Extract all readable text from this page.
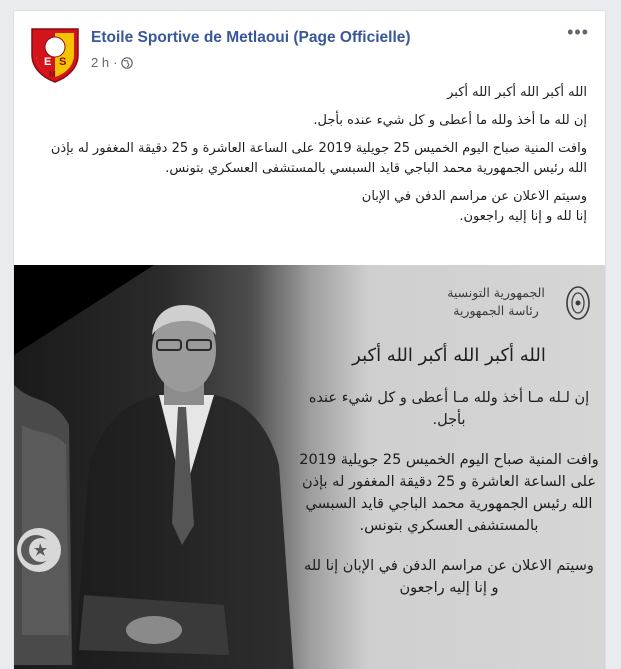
E S
M
Etoile Sportive de Metlaoui (Page Officielle)
2 h ·
•••

الله أكبر الله أكبر الله أكبر

إن لله ما أخذ ولله ما أعطى و كل شيء عنده بأجل.

وافت المنية صباح اليوم الخميس 25 جويلية 2019 على الساعة العاشرة و 25 دقيقة المغفور له بإذن الله رئيس الجمهورية محمد الباجي قايد السبسي بالمستشفى العسكري بتونس.

وسيتم الاعلان عن مراسم الدفن في الإبان

إنا لله و إنا إليه راجعون.

الجمهورية التونسية
رئاسة الجمهورية
الله أكبر الله أكبر الله أكبر

إن لـله مـا أخذ ولله مـا أعطى و كل شيء عنده بأجل.

وافت المنية صباح اليوم الخميس 25 جويلية 2019 على الساعة العاشرة و 25 دقيقة المغفور له بإذن الله رئيس الجمهورية محمد الباجي قايد السبسي بالمستشفى العسكري بتونس.

وسيتم الاعلان عن مراسم الدفن في الإبان إنا لله و إنا إليه راجعون
